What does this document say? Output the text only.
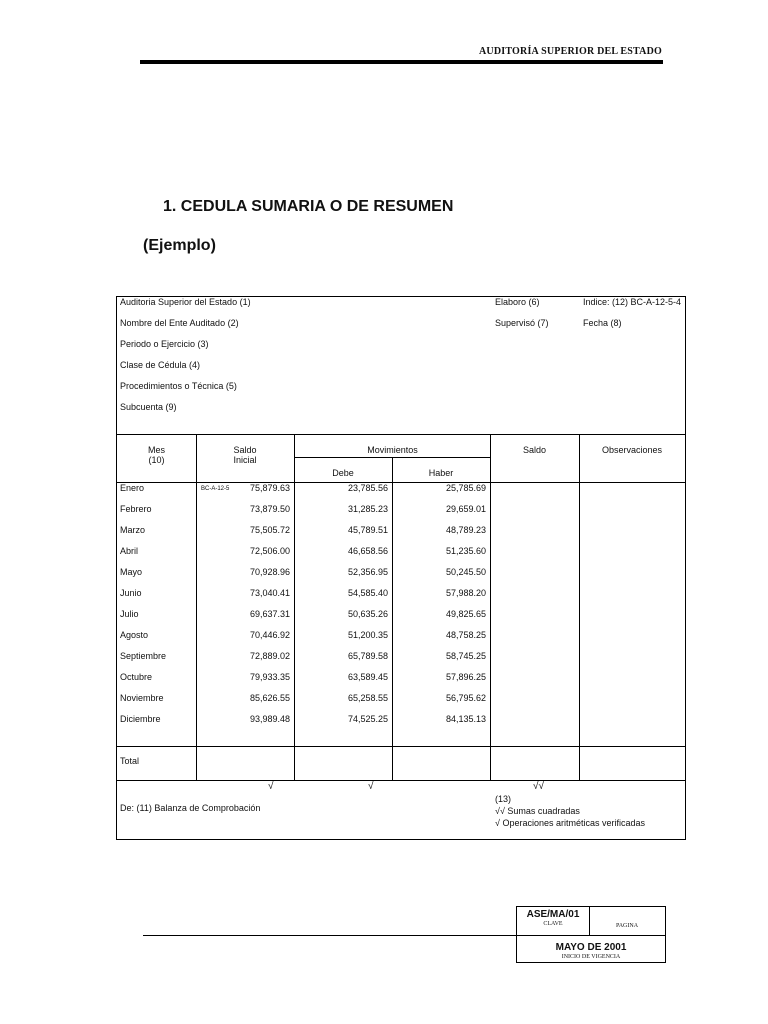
AUDITORÍA SUPERIOR DEL ESTADO
1. CEDULA SUMARIA O DE RESUMEN
(Ejemplo)
Auditoria Superior del Estado (1)
Nombre del Ente Auditado (2)
Periodo o Ejercicio (3)
Clase de Cédula (4)
Procedimientos o Técnica (5)
Subcuenta (9)
Elaboro (6)
Supervisó (7)
Indice: (12) BC-A-12-5-4
Fecha (8)
Mes
(10)
Saldo
Inicial
Movimientos
Debe	Haber
Saldo	Observaciones
BC-A-12-5
Enero	75,879.63	23,785.56	25,785.69
Febrero	73,879.50	31,285.23	29,659.01
Marzo	75,505.72	45,789.51	48,789.23
Abril	72,506.00	46,658.56	51,235.60
Mayo	70,928.96	52,356.95	50,245.50
Junio	73,040.41	54,585.40	57,988.20
Julio	69,637.31	50,635.26	49,825.65
Agosto	70,446.92	51,200.35	48,758.25
Septiembre	72,889.02	65,789.58	58,745.25
Octubre	79,933.35	63,589.45	57,896.25
Noviembre	85,626.55	65,258.55	56,795.62
Diciembre	93,989.48	74,525.25	84,135.13
Total
√	√	√√
De: (11) Balanza de Comprobación
(13)
√√ Sumas cuadradas
√ Operaciones aritméticas verificadas
ASE/MA/01
CLAVE	PAGINA
MAYO DE 2001
INICIO DE VIGENCIA
